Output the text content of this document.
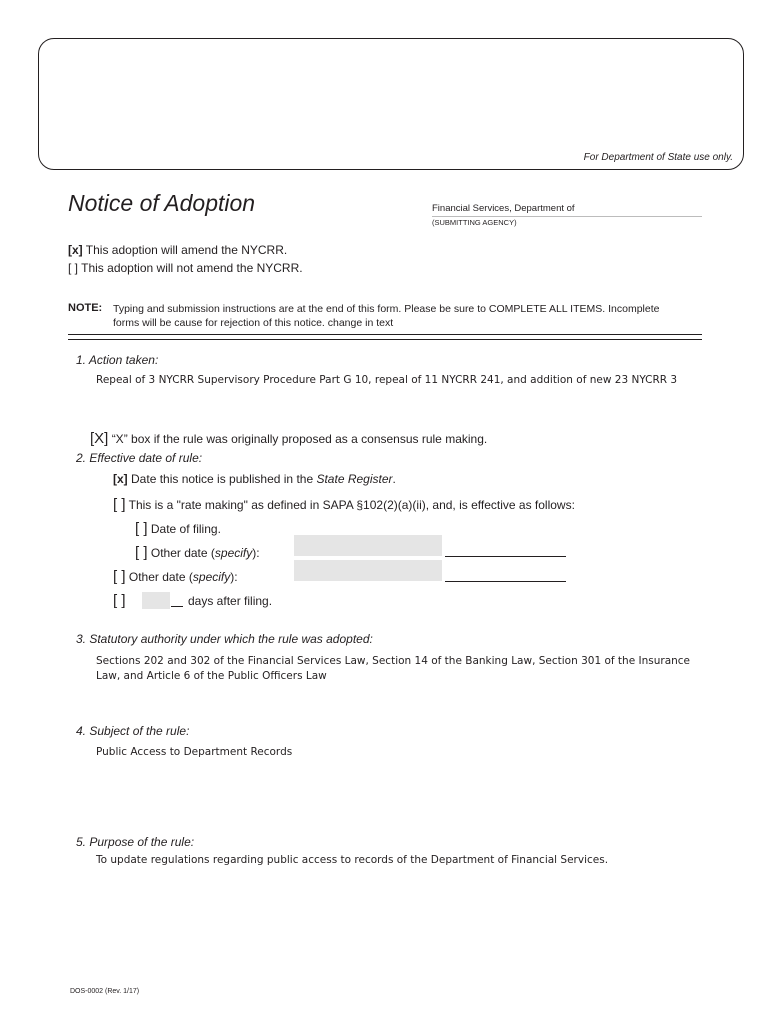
For Department of State use only.
Notice of Adoption	Financial Services, Department of
(SUBMITTING AGENCY)
[x] This adoption will amend the NYCRR.
[ ] This adoption will not amend the NYCRR.
NOTE: Typing and submission instructions are at the end of this form. Please be sure to COMPLETE ALL ITEMS. Incomplete
forms will be cause for rejection of this notice. change in text
1. Action taken:
Repeal of 3 NYCRR Supervisory Procedure Part G 10, repeal of 11 NYCRR 241, and addition of new 23 NYCRR 3
[X] “X” box if the rule was originally proposed as a consensus rule making.
2. Effective date of rule:
[x] Date this notice is published in the State Register.
[ ] This is a "rate making" as defined in SAPA §102(2)(a)(ii), and, is effective as follows:
[ ] Date of filing.
[ ] Other date (specify):
[ ] Other date (specify):
[ ]	days after filing.
3. Statutory authority under which the rule was adopted:
Sections 202 and 302 of the Financial Services Law, Section 14 of the Banking Law, Section 301 of the Insurance
Law, and Article 6 of the Public Officers Law
4. Subject of the rule:
Public Access to Department Records
5. Purpose of the rule:
To update regulations regarding public access to records of the Department of Financial Services.
DOS-0002 (Rev. 1/17)
